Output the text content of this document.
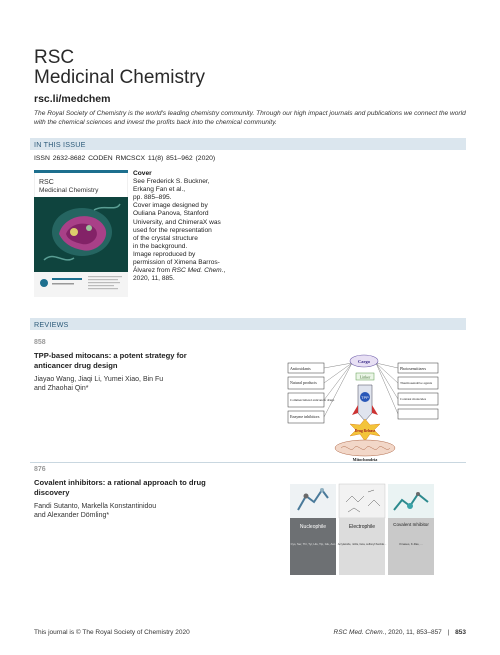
RSC
Medicinal Chemistry
rsc.li/medchem
The Royal Society of Chemistry is the world's leading chemistry community. Through our high impact journals and publications we connect the world with the chemical sciences and invest the profits back into the chemical community.
IN THIS ISSUE
ISSN 2632-8682 CODEN RMCSCX 11(8) 851–962 (2020)
RSC
Medicinal Chemistry
Cover
See Frederick S. Buckner,
Erkang Fan et al.,
pp. 885–895.
Cover image designed by
Ouliana Panova, Stanford
University, and ChimeraX was
used for the representation
of the crystal structure
in the background.
Image reproduced by
permission of Ximena Barros-
Álvarez from RSC Med. Chem.,
2020, 11, 885.
REVIEWS
858
TPP-based mitocans: a potent strategy for
anticancer drug design
Jiayao Wang, Jiaqi Li, Yumei Xiao, Bin Fu
and Zhaohai Qin*
Antioxidants
Natural products
Commercialized anticancer drugs
Enzyme inhibitors
Photosensitizers
Thermosensitive agents
Contrast molecules
Cargo
Linker
TPP
Drug Release
Mitochondria
876
Covalent inhibitors: a rational approach to drug
discovery
Fandi Sutanto, Markella Konstantinidou
and Alexander Dömling*
Nucleophile
Cys, Ser, Thr, Tyr, His, Trp, Glu, Asn
Electrophile
Acrylamide, nitrile, beta, sulfonyl fluoride...
Covalent Inhibitor
Kinases, K-Ras, ...
This journal is © The Royal Society of Chemistry 2020	RSC Med. Chem., 2020, 11, 853–857 | 853
